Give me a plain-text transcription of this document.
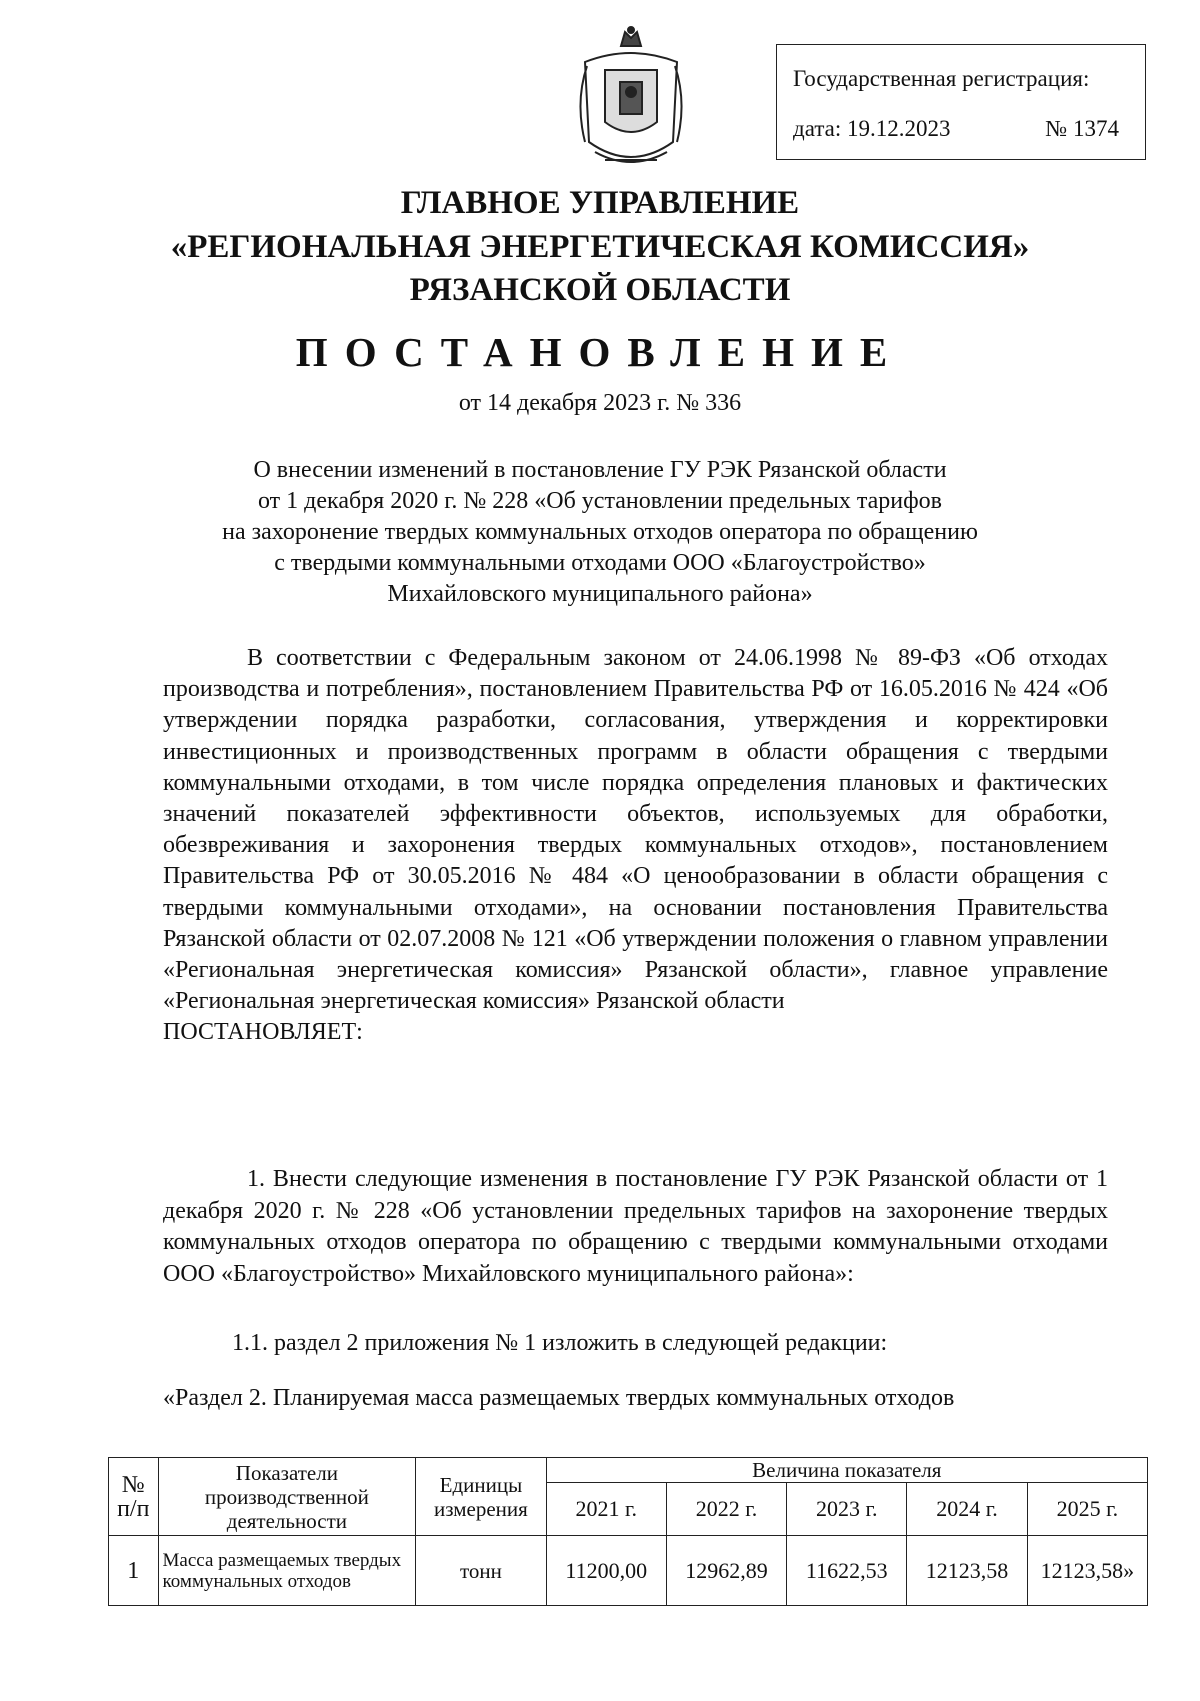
Государственная регистрация:
дата: 19.12.2023	№ 1374
ГЛАВНОЕ УПРАВЛЕНИЕ
«РЕГИОНАЛЬНАЯ ЭНЕРГЕТИЧЕСКАЯ КОМИССИЯ»
РЯЗАНСКОЙ ОБЛАСТИ
ПОСТАНОВЛЕНИЕ
от 14 декабря 2023 г. № 336
О внесении изменений в постановление ГУ РЭК Рязанской области
от 1 декабря 2020 г. № 228 «Об установлении предельных тарифов
на захоронение твердых коммунальных отходов оператора по обращению
с твердыми коммунальными отходами ООО «Благоустройство»
Михайловского муниципального района»

В соответствии с Федеральным законом от 24.06.1998 № 89-ФЗ «Об отходах производства и потребления», постановлением Правительства РФ от 16.05.2016 № 424 «Об утверждении порядка разработки, согласования, утверждения и корректировки инвестиционных и производственных программ в области обращения с твердыми коммунальными отходами, в том числе порядка определения плановых и фактических значений показателей эффективности объектов, используемых для обработки, обезвреживания и захоронения твердых коммунальных отходов», постановлением Правительства РФ от 30.05.2016 № 484 «О ценообразовании в области обращения с твердыми коммунальными отходами», на основании постановления Правительства Рязанской области от 02.07.2008 № 121 «Об утверждении положения о главном управлении «Региональная энергетическая комиссия» Рязанской области», главное управление «Региональная энергетическая комиссия» Рязанской области

ПОСТАНОВЛЯЕТ:

1. Внести следующие изменения в постановление ГУ РЭК Рязанской области от 1 декабря 2020 г. № 228 «Об установлении предельных тарифов на захоронение твердых коммунальных отходов оператора по обращению с твердыми коммунальными отходами ООО «Благоустройство» Михайловского муниципального района»:

1.1. раздел 2 приложения № 1 изложить в следующей редакции:
«Раздел 2. Планируемая масса размещаемых твердых коммунальных отходов
№ п/п	Показатели производственной деятельности	Единицы измерения	Величина показателя				
			2021 г.	2022 г.	2023 г.	2024 г.	2025 г.
1	Масса размещаемых твердых коммунальных отходов	тонн	11200,00	12962,89	11622,53	12123,58	12123,58»
